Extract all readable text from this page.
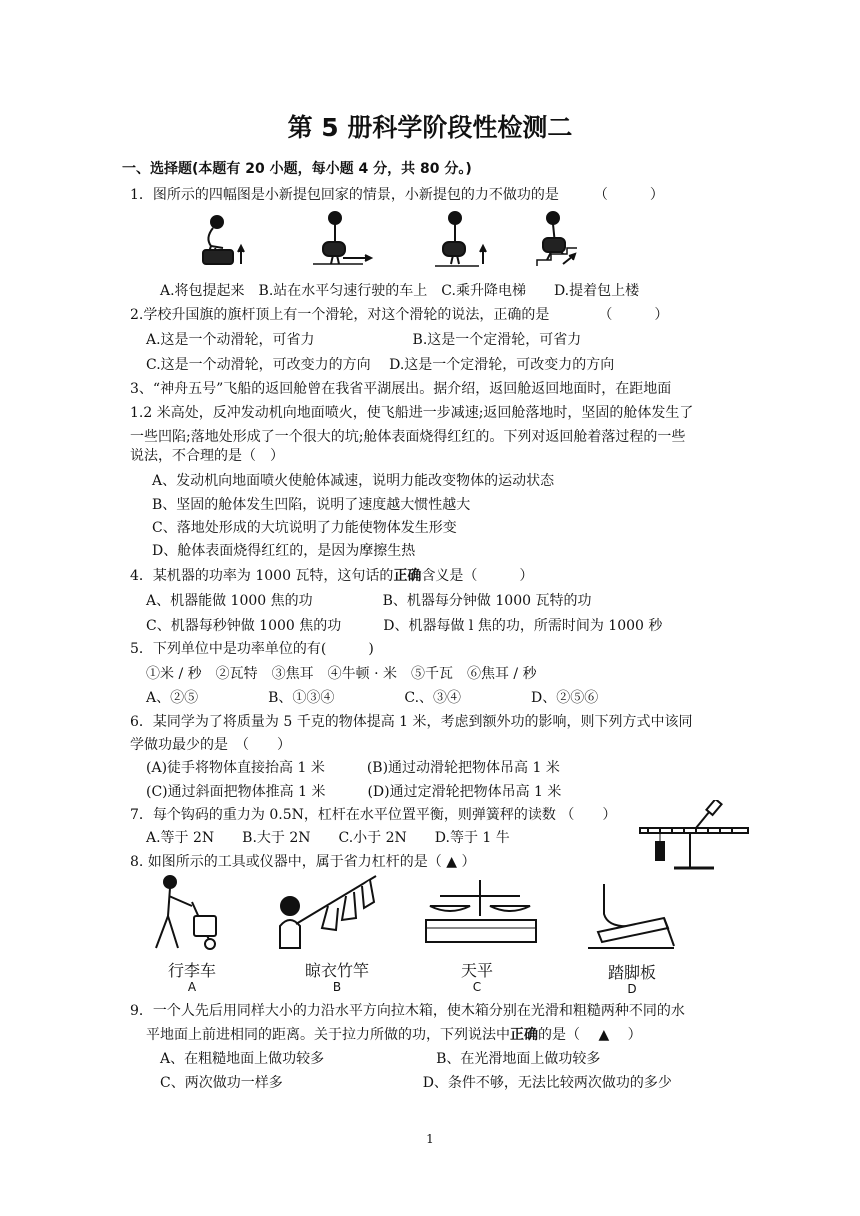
第 5 册科学阶段性检测二
一、选择题(本题有 20 小题，每小题 4 分，共 80 分。)
1．图所示的四幅图是小新提包回家的情景，小新提包的力不做功的是　　　（　　　）
A.将包提起来　B.站在水平匀速行驶的车上　C.乘升降电梯　　D.提着包上楼
2.学校升国旗的旗杆顶上有一个滑轮，对这个滑轮的说法，正确的是　　　　（　　　）
A.这是一个动滑轮，可省力　　　　　　　B.这是一个定滑轮，可省力
C.这是一个动滑轮，可改变力的方向　 D.这是一个定滑轮，可改变力的方向
3、“神舟五号”飞船的返回舱曾在我省平湖展出。据介绍，返回舱返回地面时，在距地面
1.2 米高处，反冲发动机向地面喷火，使飞船进一步减速;返回舱落地时，坚固的舱体发生了
一些凹陷;落地处形成了一个很大的坑;舱体表面烧得红红的。下列对返回舱着落过程的一些
说法，不合理的是（　）
A、发动机向地面喷火使舱体减速，说明力能改变物体的运动状态
B、坚固的舱体发生凹陷，说明了速度越大惯性越大
C、落地处形成的大坑说明了力能使物体发生形变
D、舱体表面烧得红红的，是因为摩擦生热
4．某机器的功率为 1000 瓦特，这句话的正确含义是（　　　）
A、机器能做 1000 焦的功　　　　　B、机器每分钟做 1000 瓦特的功
C、机器每秒钟做 1000 焦的功　　　D、机器每做 l 焦的功，所需时间为 1000 秒
5．下列单位中是功率单位的有(　　　)
①米 / 秒　②瓦特　③焦耳　④牛顿 · 米　⑤千瓦　⑥焦耳 / 秒
A、②⑤　　　　　B、①③④　　　　　C.、③④　　　　　D、②⑤⑥
6．某同学为了将质量为 5 千克的物体提高 1 米，考虑到额外功的影响，则下列方式中该同
学做功最少的是　（　　）
(A)徒手将物体直接抬高 1 米　　　(B)通过动滑轮把物体吊高 1 米
(C)通过斜面把物体推高 1 米　　　(D)通过定滑轮把物体吊高 1 米
7．每个钩码的重力为 0.5N，杠杆在水平位置平衡，则弹簧秤的读数 （　　）
A.等于 2N　　B.大于 2N　　C.小于 2N　　D.等于 1 牛
8. 如图所示的工具或仪器中，属于省力杠杆的是（ ▲ ）
行李车
A
晾衣竹竿
B
天平
C
踏脚板
D
9．一个人先后用同样大小的力沿水平方向拉木箱，使木箱分别在光滑和粗糙两种不同的水
平地面上前进相同的距离。关于拉力所做的功，下列说法中正确的是（　 ▲　 ）
A、在粗糙地面上做功较多　　　　　　　　B、在光滑地面上做功较多
C、两次做功一样多　　　　　　　　　　D、条件不够，无法比较两次做功的多少
1
